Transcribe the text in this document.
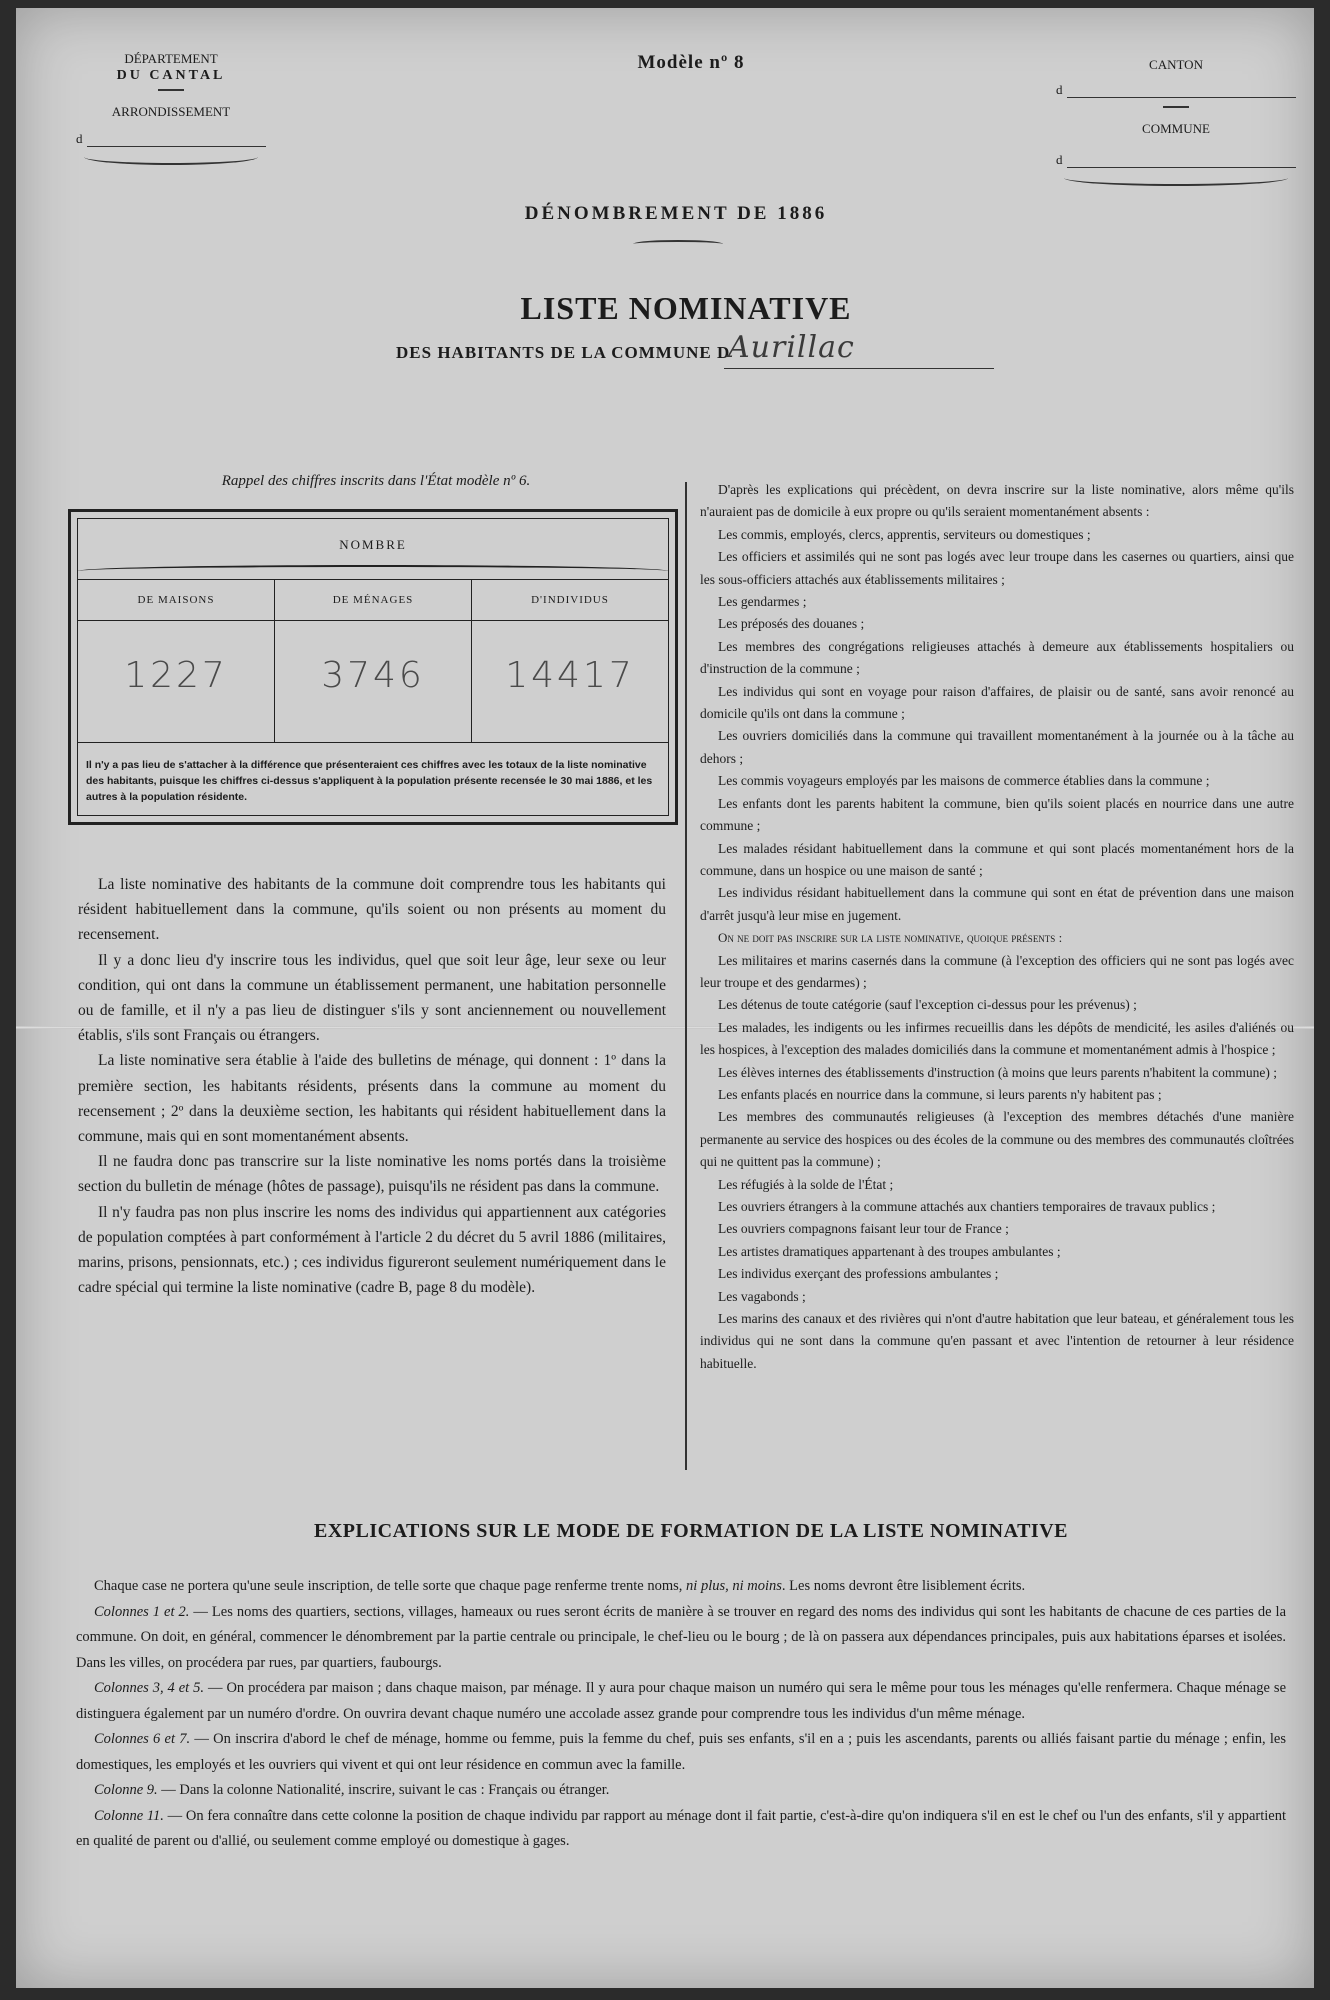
DÉPARTEMENT
DU CANTAL
ARRONDISSEMENT
d
Modèle nº 8	CANTON
d
COMMUNE
d
DÉNOMBREMENT DE 1886
LISTE NOMINATIVE
DES HABITANTS DE LA COMMUNE D
Aurillac
Rappel des chiffres inscrits dans l'État modèle nº 6.
NOMBRE
DE MAISONS
1227
DE MÉNAGES
3746
D'INDIVIDUS
14417
Il n'y a pas lieu de s'attacher à la différence que présenteraient ces chiffres avec les totaux de la liste nominative des habitants, puisque les chiffres ci-dessus s'appliquent à la population présente recensée le 30 mai 1886, et les autres à la population résidente.

La liste nominative des habitants de la commune doit comprendre tous les habitants qui résident habituellement dans la commune, qu'ils soient ou non présents au moment du recensement.

Il y a donc lieu d'y inscrire tous les individus, quel que soit leur âge, leur sexe ou leur condition, qui ont dans la commune un établissement permanent, une habitation personnelle ou de famille, et il n'y a pas lieu de distinguer s'ils y sont anciennement ou nouvellement établis, s'ils sont Français ou étrangers.

La liste nominative sera établie à l'aide des bulletins de ménage, qui donnent : 1º dans la première section, les habitants résidents, présents dans la commune au moment du recensement ; 2º dans la deuxième section, les habitants qui résident habituellement dans la commune, mais qui en sont momentanément absents.

Il ne faudra donc pas transcrire sur la liste nominative les noms portés dans la troisième section du bulletin de ménage (hôtes de passage), puisqu'ils ne résident pas dans la commune.

Il n'y faudra pas non plus inscrire les noms des individus qui appartiennent aux catégories de population comptées à part conformément à l'article 2 du décret du 5 avril 1886 (militaires, marins, prisons, pensionnats, etc.) ; ces individus figureront seulement numériquement dans le cadre spécial qui termine la liste nominative (cadre B, page 8 du modèle).

D'après les explications qui précèdent, on devra inscrire sur la liste nominative, alors même qu'ils n'auraient pas de domicile à eux propre ou qu'ils seraient momentanément absents :

Les commis, employés, clercs, apprentis, serviteurs ou domestiques ;

Les officiers et assimilés qui ne sont pas logés avec leur troupe dans les casernes ou quartiers, ainsi que les sous-officiers attachés aux établissements militaires ;

Les gendarmes ;

Les préposés des douanes ;

Les membres des congrégations religieuses attachés à demeure aux établissements hospitaliers ou d'instruction de la commune ;

Les individus qui sont en voyage pour raison d'affaires, de plaisir ou de santé, sans avoir renoncé au domicile qu'ils ont dans la commune ;

Les ouvriers domiciliés dans la commune qui travaillent momentanément à la journée ou à la tâche au dehors ;

Les commis voyageurs employés par les maisons de commerce établies dans la commune ;

Les enfants dont les parents habitent la commune, bien qu'ils soient placés en nourrice dans une autre commune ;

Les malades résidant habituellement dans la commune et qui sont placés momentanément hors de la commune, dans un hospice ou une maison de santé ;

Les individus résidant habituellement dans la commune qui sont en état de prévention dans une maison d'arrêt jusqu'à leur mise en jugement.

On ne doit pas inscrire sur la liste nominative, quoique présents :

Les militaires et marins casernés dans la commune (à l'exception des officiers qui ne sont pas logés avec leur troupe et des gendarmes) ;

Les détenus de toute catégorie (sauf l'exception ci-dessus pour les prévenus) ;

Les malades, les indigents ou les infirmes recueillis dans les dépôts de mendicité, les asiles d'aliénés ou les hospices, à l'exception des malades domiciliés dans la commune et momentanément admis à l'hospice ;

Les élèves internes des établissements d'instruction (à moins que leurs parents n'habitent la commune) ;

Les enfants placés en nourrice dans la commune, si leurs parents n'y habitent pas ;

Les membres des communautés religieuses (à l'exception des membres détachés d'une manière permanente au service des hospices ou des écoles de la commune ou des membres des communautés cloîtrées qui ne quittent pas la commune) ;

Les réfugiés à la solde de l'État ;

Les ouvriers étrangers à la commune attachés aux chantiers temporaires de travaux publics ;

Les ouvriers compagnons faisant leur tour de France ;

Les artistes dramatiques appartenant à des troupes ambulantes ;

Les individus exerçant des professions ambulantes ;

Les vagabonds ;

Les marins des canaux et des rivières qui n'ont d'autre habitation que leur bateau, et généralement tous les individus qui ne sont dans la commune qu'en passant et avec l'intention de retourner à leur résidence habituelle.

EXPLICATIONS SUR LE MODE DE FORMATION DE LA LISTE NOMINATIVE

Chaque case ne portera qu'une seule inscription, de telle sorte que chaque page renferme trente noms, ni plus, ni moins. Les noms devront être lisiblement écrits.

Colonnes 1 et 2. — Les noms des quartiers, sections, villages, hameaux ou rues seront écrits de manière à se trouver en regard des noms des individus qui sont les habitants de chacune de ces parties de la commune. On doit, en général, commencer le dénombrement par la partie centrale ou principale, le chef-lieu ou le bourg ; de là on passera aux dépendances principales, puis aux habitations éparses et isolées. Dans les villes, on procédera par rues, par quartiers, faubourgs.

Colonnes 3, 4 et 5. — On procédera par maison ; dans chaque maison, par ménage. Il y aura pour chaque maison un numéro qui sera le même pour tous les ménages qu'elle renfermera. Chaque ménage se distinguera également par un numéro d'ordre. On ouvrira devant chaque numéro une accolade assez grande pour comprendre tous les individus d'un même ménage.

Colonnes 6 et 7. — On inscrira d'abord le chef de ménage, homme ou femme, puis la femme du chef, puis ses enfants, s'il en a ; puis les ascendants, parents ou alliés faisant partie du ménage ; enfin, les domestiques, les employés et les ouvriers qui vivent et qui ont leur résidence en commun avec la famille.

Colonne 9. — Dans la colonne Nationalité, inscrire, suivant le cas : Français ou étranger.

Colonne 11. — On fera connaître dans cette colonne la position de chaque individu par rapport au ménage dont il fait partie, c'est-à-dire qu'on indiquera s'il en est le chef ou l'un des enfants, s'il y appartient en qualité de parent ou d'allié, ou seulement comme employé ou domestique à gages.
